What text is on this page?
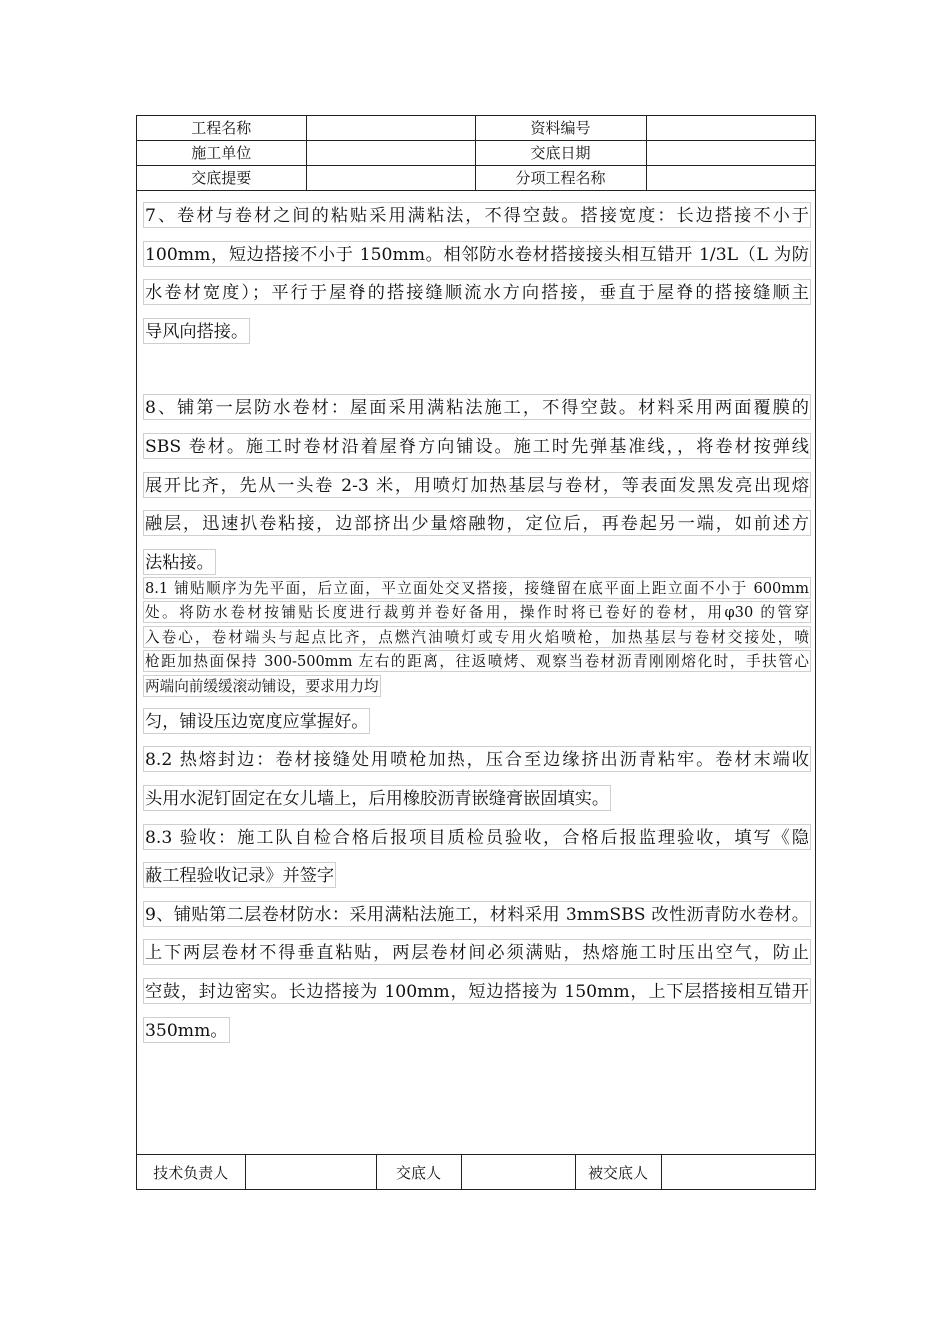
工程名称		资料编号	
施工单位		交底日期	
交底提要		分项工程名称	
7、卷材与卷材之间的粘贴采用满粘法，不得空鼓。搭接宽度：长边搭接不小于
100mm，短边搭接不小于 150mm。相邻防水卷材搭接接头相互错开 1/3L（L 为防
水卷材宽度）；平行于屋脊的搭接缝顺流水方向搭接，垂直于屋脊的搭接缝顺主
导风向搭接。
8、铺第一层防水卷材：屋面采用满粘法施工，不得空鼓。材料采用两面覆膜的
SBS 卷材。施工时卷材沿着屋脊方向铺设。施工时先弹基准线，，将卷材按弹线
展开比齐，先从一头卷 2-3 米，用喷灯加热基层与卷材，等表面发黑发亮出现熔
融层，迅速扒卷粘接，边部挤出少量熔融物，定位后，再卷起另一端，如前述方
法粘接。
8.1 铺贴顺序为先平面，后立面，平立面处交叉搭接，接缝留在底平面上距立面不小于 600mm
处。将防水卷材按铺贴长度进行裁剪并卷好备用，操作时将已卷好的卷材，用φ30 的管穿
入卷心，卷材端头与起点比齐，点燃汽油喷灯或专用火焰喷枪，加热基层与卷材交接处，喷
枪距加热面保持 300-500mm 左右的距离，往返喷烤、观察当卷材沥青刚刚熔化时，手扶管心
两端向前缓缓滚动铺设，要求用力均
匀，铺设压边宽度应掌握好。
8.2 热熔封边：卷材接缝处用喷枪加热，压合至边缘挤出沥青粘牢。卷材末端收
头用水泥钉固定在女儿墙上，后用橡胶沥青嵌缝膏嵌固填实。
8.3 验收：施工队自检合格后报项目质检员验收，合格后报监理验收，填写《隐
蔽工程验收记录》并签字
9、铺贴第二层卷材防水：采用满粘法施工，材料采用 3mmSBS 改性沥青防水卷材。
上下两层卷材不得垂直粘贴，两层卷材间必须满贴，热熔施工时压出空气，防止
空鼓，封边密实。长边搭接为 100mm，短边搭接为 150mm，上下层搭接相互错开
350mm。
技术负责人		交底人		被交底人	
